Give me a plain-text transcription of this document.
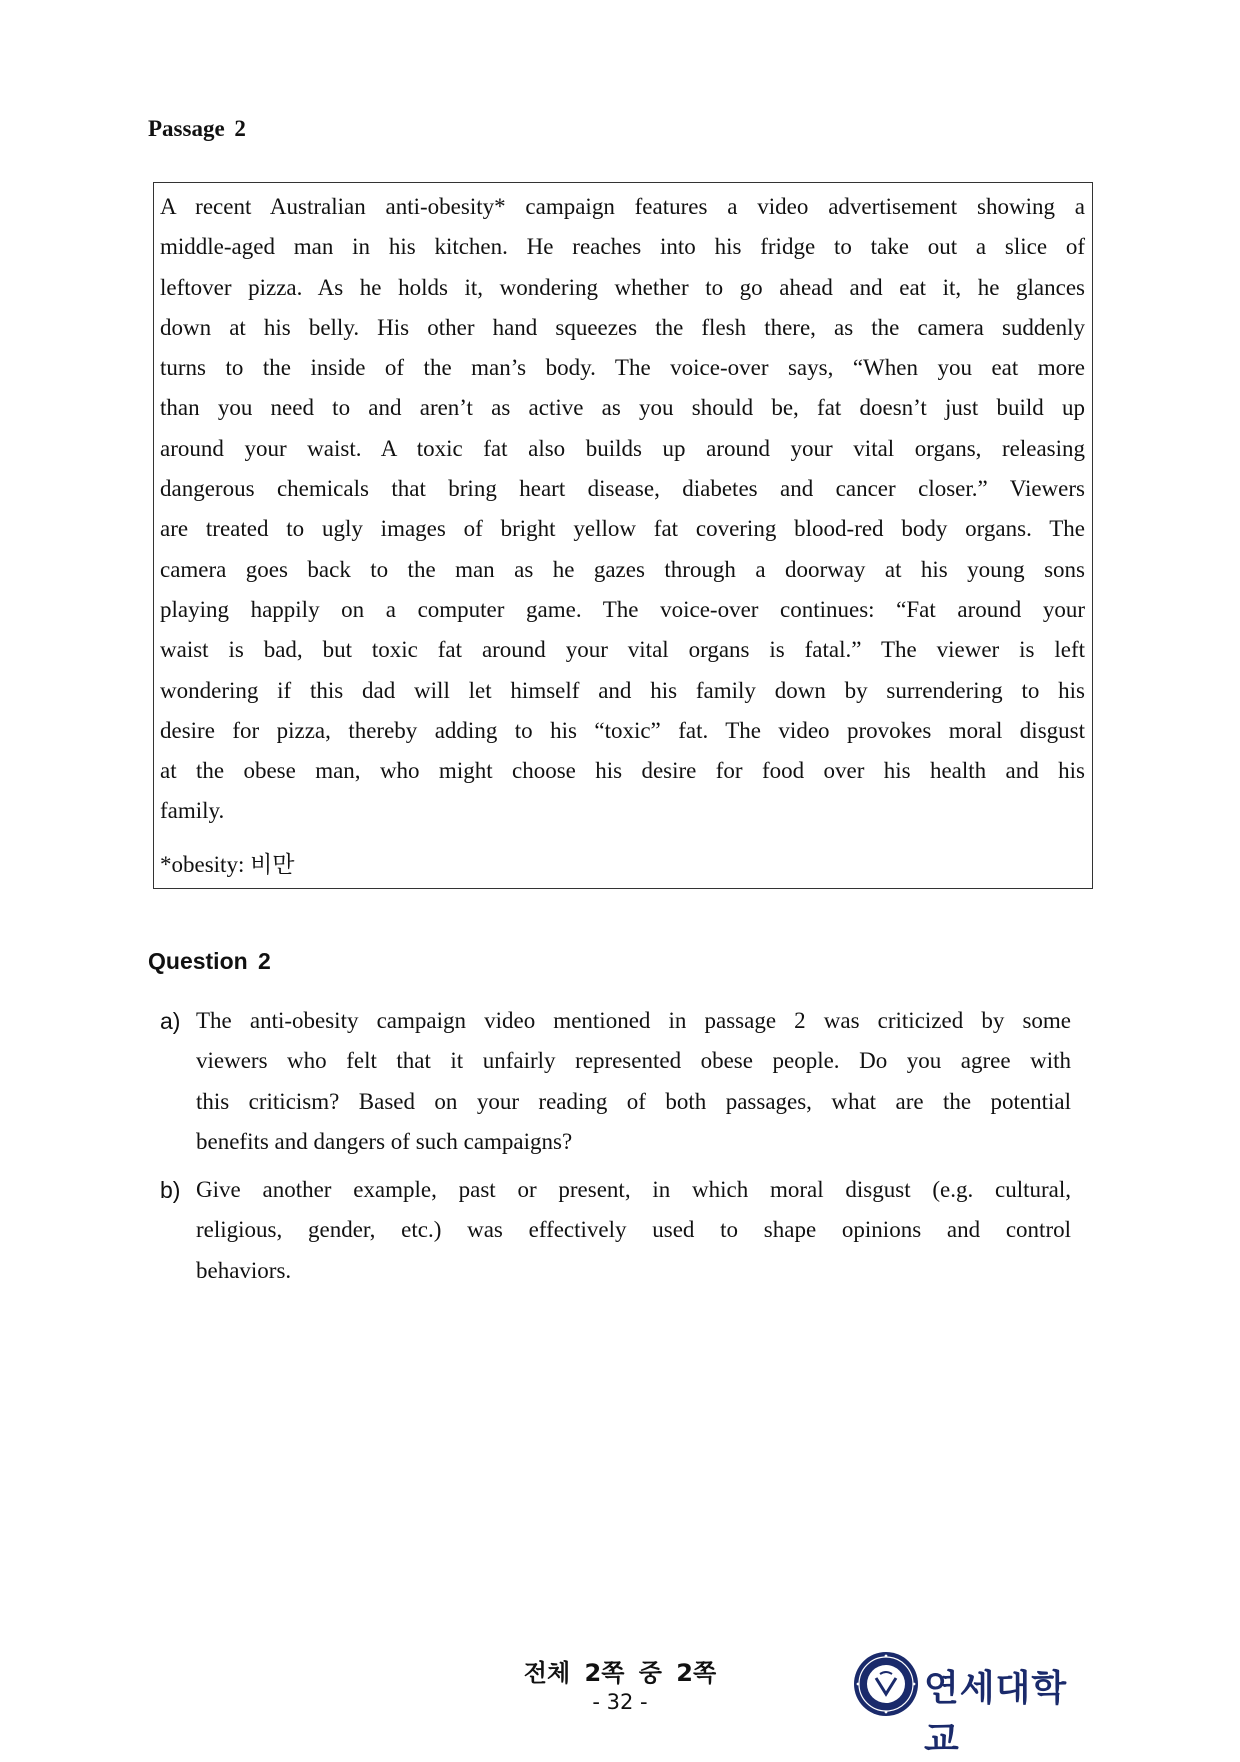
Passage 2
A recent Australian anti-obesity* campaign features a video advertisement showing a
middle-aged man in his kitchen. He reaches into his fridge to take out a slice of
leftover pizza. As he holds it, wondering whether to go ahead and eat it, he glances
down at his belly. His other hand squeezes the flesh there, as the camera suddenly
turns to the inside of the man’s body. The voice-over says, “When you eat more
than you need to and aren’t as active as you should be, fat doesn’t just build up
around your waist. A toxic fat also builds up around your vital organs, releasing
dangerous chemicals that bring heart disease, diabetes and cancer closer.” Viewers
are treated to ugly images of bright yellow fat covering blood-red body organs. The
camera goes back to the man as he gazes through a doorway at his young sons
playing happily on a computer game. The voice-over continues: “Fat around your
waist is bad, but toxic fat around your vital organs is fatal.” The viewer is left
wondering if this dad will let himself and his family down by surrendering to his
desire for pizza, thereby adding to his “toxic” fat. The video provokes moral disgust
at the obese man, who might choose his desire for food over his health and his
family.
*obesity: 비만
Question 2
a) The anti-obesity campaign video mentioned in passage 2 was criticized by some
viewers who felt that it unfairly represented obese people. Do you agree with
this criticism? Based on your reading of both passages, what are the potential
benefits and dangers of such campaigns?
b) Give another example, past or present, in which moral disgust (e.g. cultural,
religious, gender, etc.) was effectively used to shape opinions and control
behaviors.
전체 2쪽 중 2쪽
- 32 -	연세대학교
